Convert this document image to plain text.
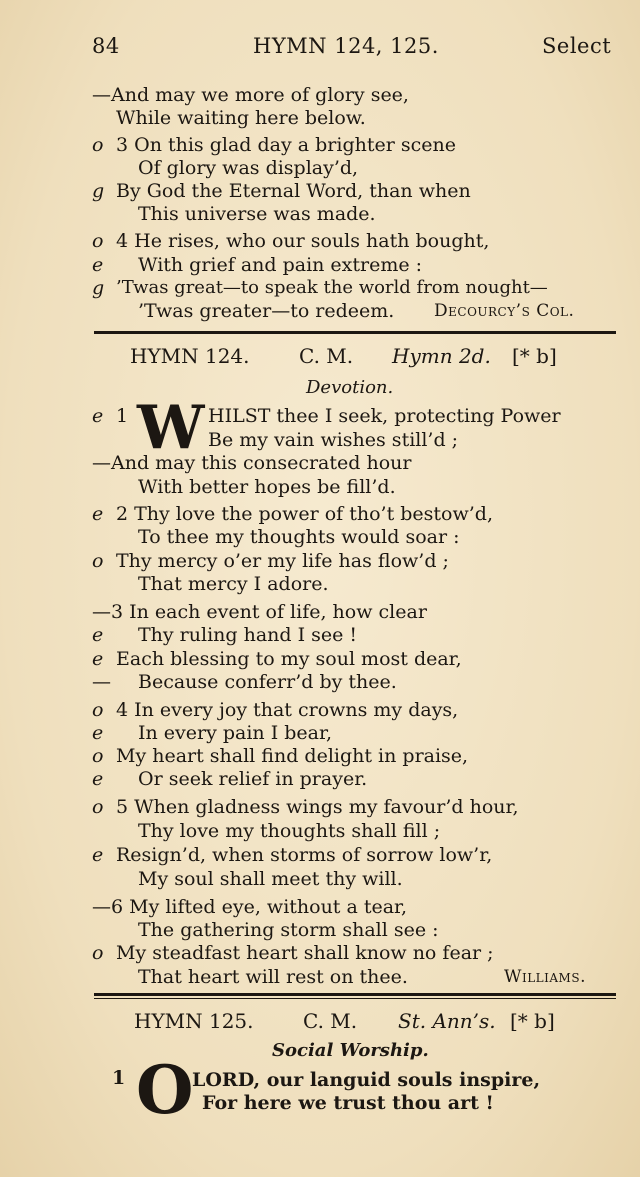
84	HYMN 124, 125.	Select
—And may we more of glory see,
While waiting here below.
o 3 On this glad day a brighter scene
Of glory was display’d,
g By God the Eternal Word, than when
This universe was made.
o 4 He rises, who our souls hath bought,
e	With grief and pain extreme :
g ’Twas great—to speak the world from nought—
’Twas greater—to redeem. Decourcy’s Col.
HYMN 124. C. M. Hymn 2d. [* b]
Devotion.
e 1	HILST thee I seek, protecting Power
W Be my vain wishes still’d ;
—And may this consecrated hour
With better hopes be fill’d.
e 2 Thy love the power of tho’t bestow’d,
To thee my thoughts would soar :
o Thy mercy o’er my life has flow’d ;
That mercy I adore.
—3 In each event of life, how clear
e	Thy ruling hand I see !
e Each blessing to my soul most dear,
— Because conferr’d by thee.
o 4 In every joy that crowns my days,
e	In every pain I bear,
o My heart shall find delight in praise,
e	Or seek relief in prayer.
o 5 When gladness wings my favour’d hour,
Thy love my thoughts shall fill ;
e Resign’d, when storms of sorrow low’r,
My soul shall meet thy will.
—6 My lifted eye, without a tear,
The gathering storm shall see :
o My steadfast heart shall know no fear ;
That heart will rest on thee.	Williams.
HYMN 125. C. M. St. Ann’s. [* b]
Social Worship.
1 O
LORD, our languid souls inspire,
For here we trust thou art !
